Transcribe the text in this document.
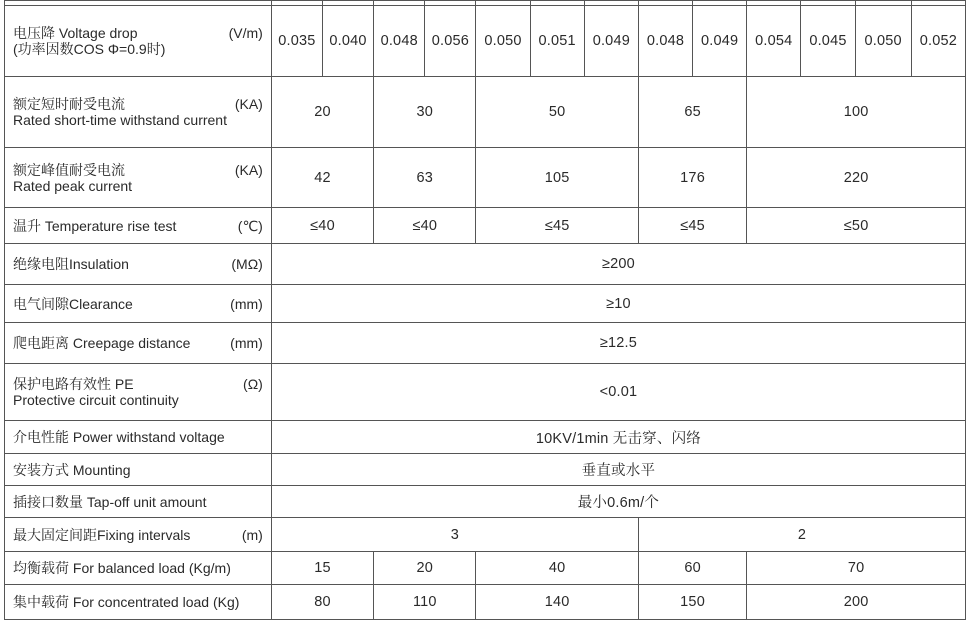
电压降 Voltage drop (V/m)
(功率因数COS Φ=0.9时)	0.035	0.040	0.048	0.056	0.050	0.051	0.049	0.048	0.049	0.054	0.045	0.050	0.052

额定短时耐受电流 (KA)
Rated short-time withstand current	20		30		50			65		100			

额定峰值耐受电流 (KA)
Rated peak current	42		63		105			176		220			

温升 Temperature rise test (℃)	≤40		≤40		≤45			≤45		≤50			

绝缘电阻Insulation (MΩ)	≥200												

电气间隙Clearance (mm)	≥10												

爬电距离 Creepage distance (mm)	≥12.5												

保护电路有效性 PE (Ω)
Protective circuit continuity	<0.01												

介电性能 Power withstand voltage	10KV/1min 无击穿、闪络												

安装方式 Mounting	垂直或水平												

插接口数量 Tap-off unit amount	最小0.6m/个												

最大固定间距Fixing intervals (m)	3							2					

均衡载荷 For balanced load (Kg/m)	15		20		40			60		70			

集中载荷 For concentrated load (Kg)	80		110		140			150		200			
